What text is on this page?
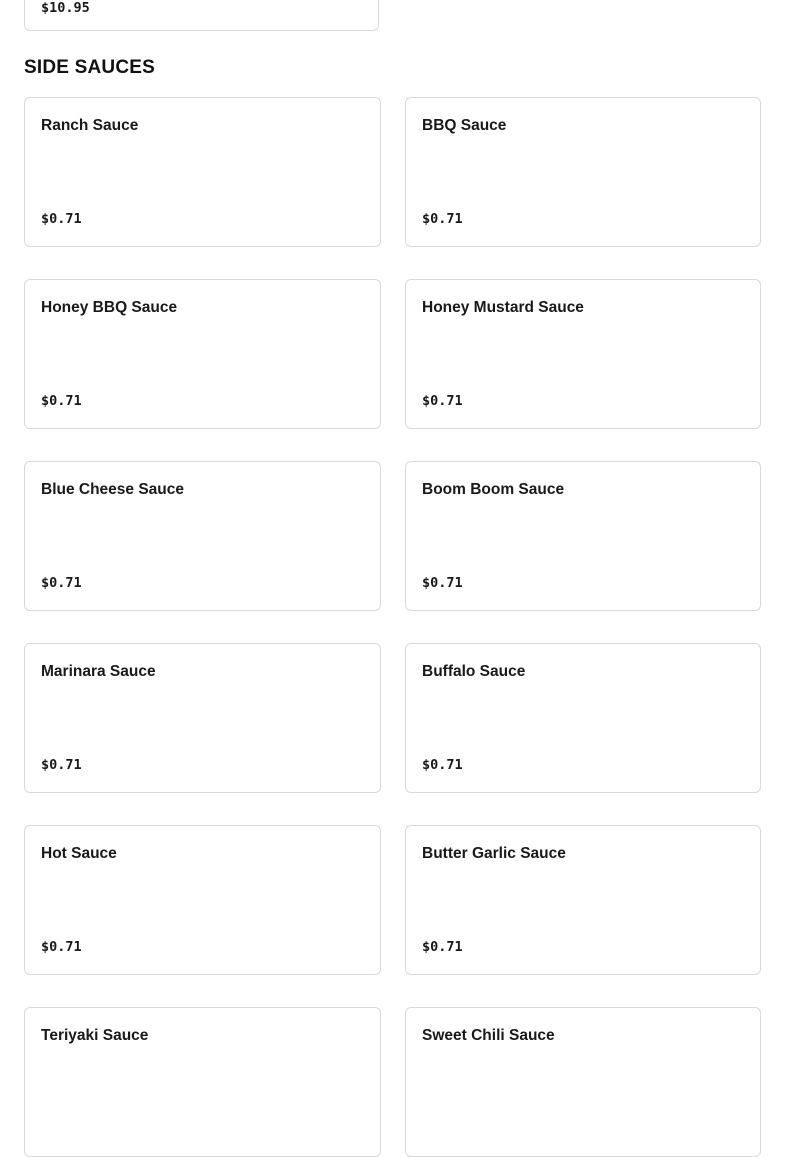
$10.95
SIDE SAUCES
Ranch Sauce
$0.71
BBQ Sauce
$0.71
Honey BBQ Sauce
$0.71
Honey Mustard Sauce
$0.71
Blue Cheese Sauce
$0.71
Boom Boom Sauce
$0.71
Marinara Sauce
$0.71
Buffalo Sauce
$0.71
Hot Sauce
$0.71
Butter Garlic Sauce
$0.71
Teriyaki Sauce	Sweet Chili Sauce
